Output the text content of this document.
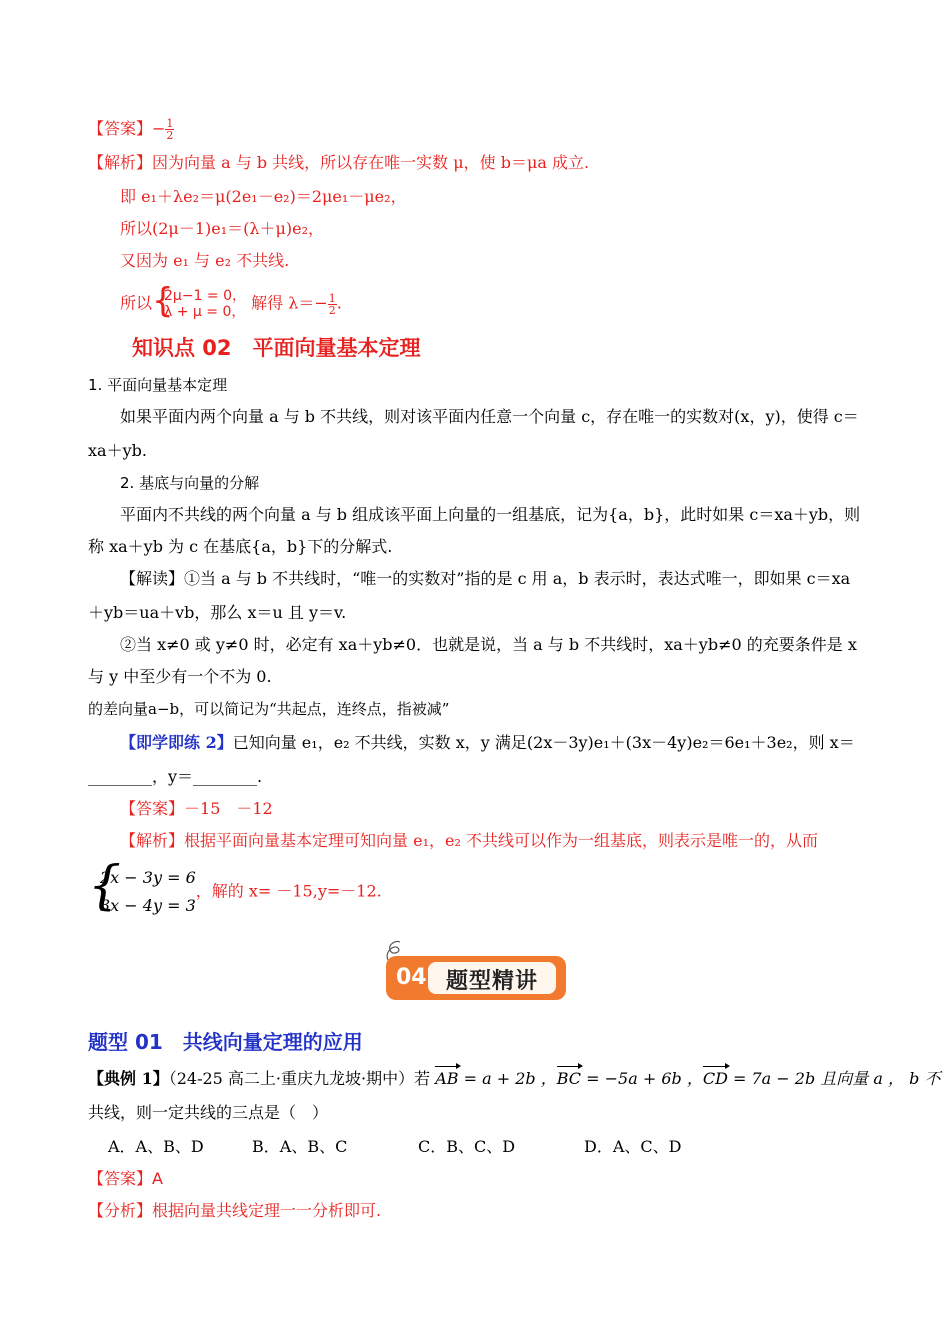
【答案】− $\frac{1}{2}$
【解析】因为向量 a 与 b 共线，所以存在唯一实数 μ，使 b＝μa 成立.
即 e₁＋λe₂＝μ(2e₁－e₂)＝2μe₁－μe₂，
所以(2μ－1)e₁＝(λ＋μ)e₂，
又因为 e₁ 与 e₂ 不共线.
所以 {
2μ−1 = 0，
λ + μ = 0， 解得 $\lambda=- \frac{1}{2}$ .
知识点 02　平面向量基本定理
1. 平面向量基本定理
如果平面内两个向量 a 与 b 不共线，则对该平面内任意一个向量 c，存在唯一的实数对(x，y)，使得 c＝
xa＋yb.
2. 基底与向量的分解
平面内不共线的两个向量 a 与 b 组成该平面上向量的一组基底，记为{a，b}，此时如果 c＝xa＋yb，则
称 xa＋yb 为 c 在基底{a，b}下的分解式.
【解读】①当 a 与 b 不共线时，“唯一的实数对”指的是 c 用 a，b 表示时，表达式唯一，即如果 c＝xa
＋yb＝ua＋vb，那么 x＝u 且 y＝v.
②当 x≠0 或 y≠0 时，必定有 xa＋yb≠0．也就是说，当 a 与 b 不共线时，xa＋yb≠0 的充要条件是 x
与 y 中至少有一个不为 0.
的差向量a−b，可以简记为“共起点，连终点，指被减”
【即学即练 2】已知向量 e₁，e₂ 不共线，实数 x，y 满足(2x－3y)e₁＋(3x－4y)e₂＝6e₁＋3e₂，则 x＝
________，y＝________.
【答案】－15　－12
【解析】根据平面向量基本定理可知向量 e₁，e₂ 不共线可以作为一组基底，则表示是唯一的，从而
{
2x − 3y = 6
3x − 4y = 3
，解的 x= －15,y=－12.
04 题型精讲
题型 01　共线向量定理的应用
【典例 1】（24-25 高二上·重庆九龙坡·期中）若 AB = a + 2b ，BC = −5a + 6b ，CD = 7a − 2b 且向量 a ， b 不
共线，则一定共线的三点是（　）
A．A、B、D	B．A、B、C	C．B、C、D	D．A、C、D
【答案】A
【分析】根据向量共线定理一一分析即可.
